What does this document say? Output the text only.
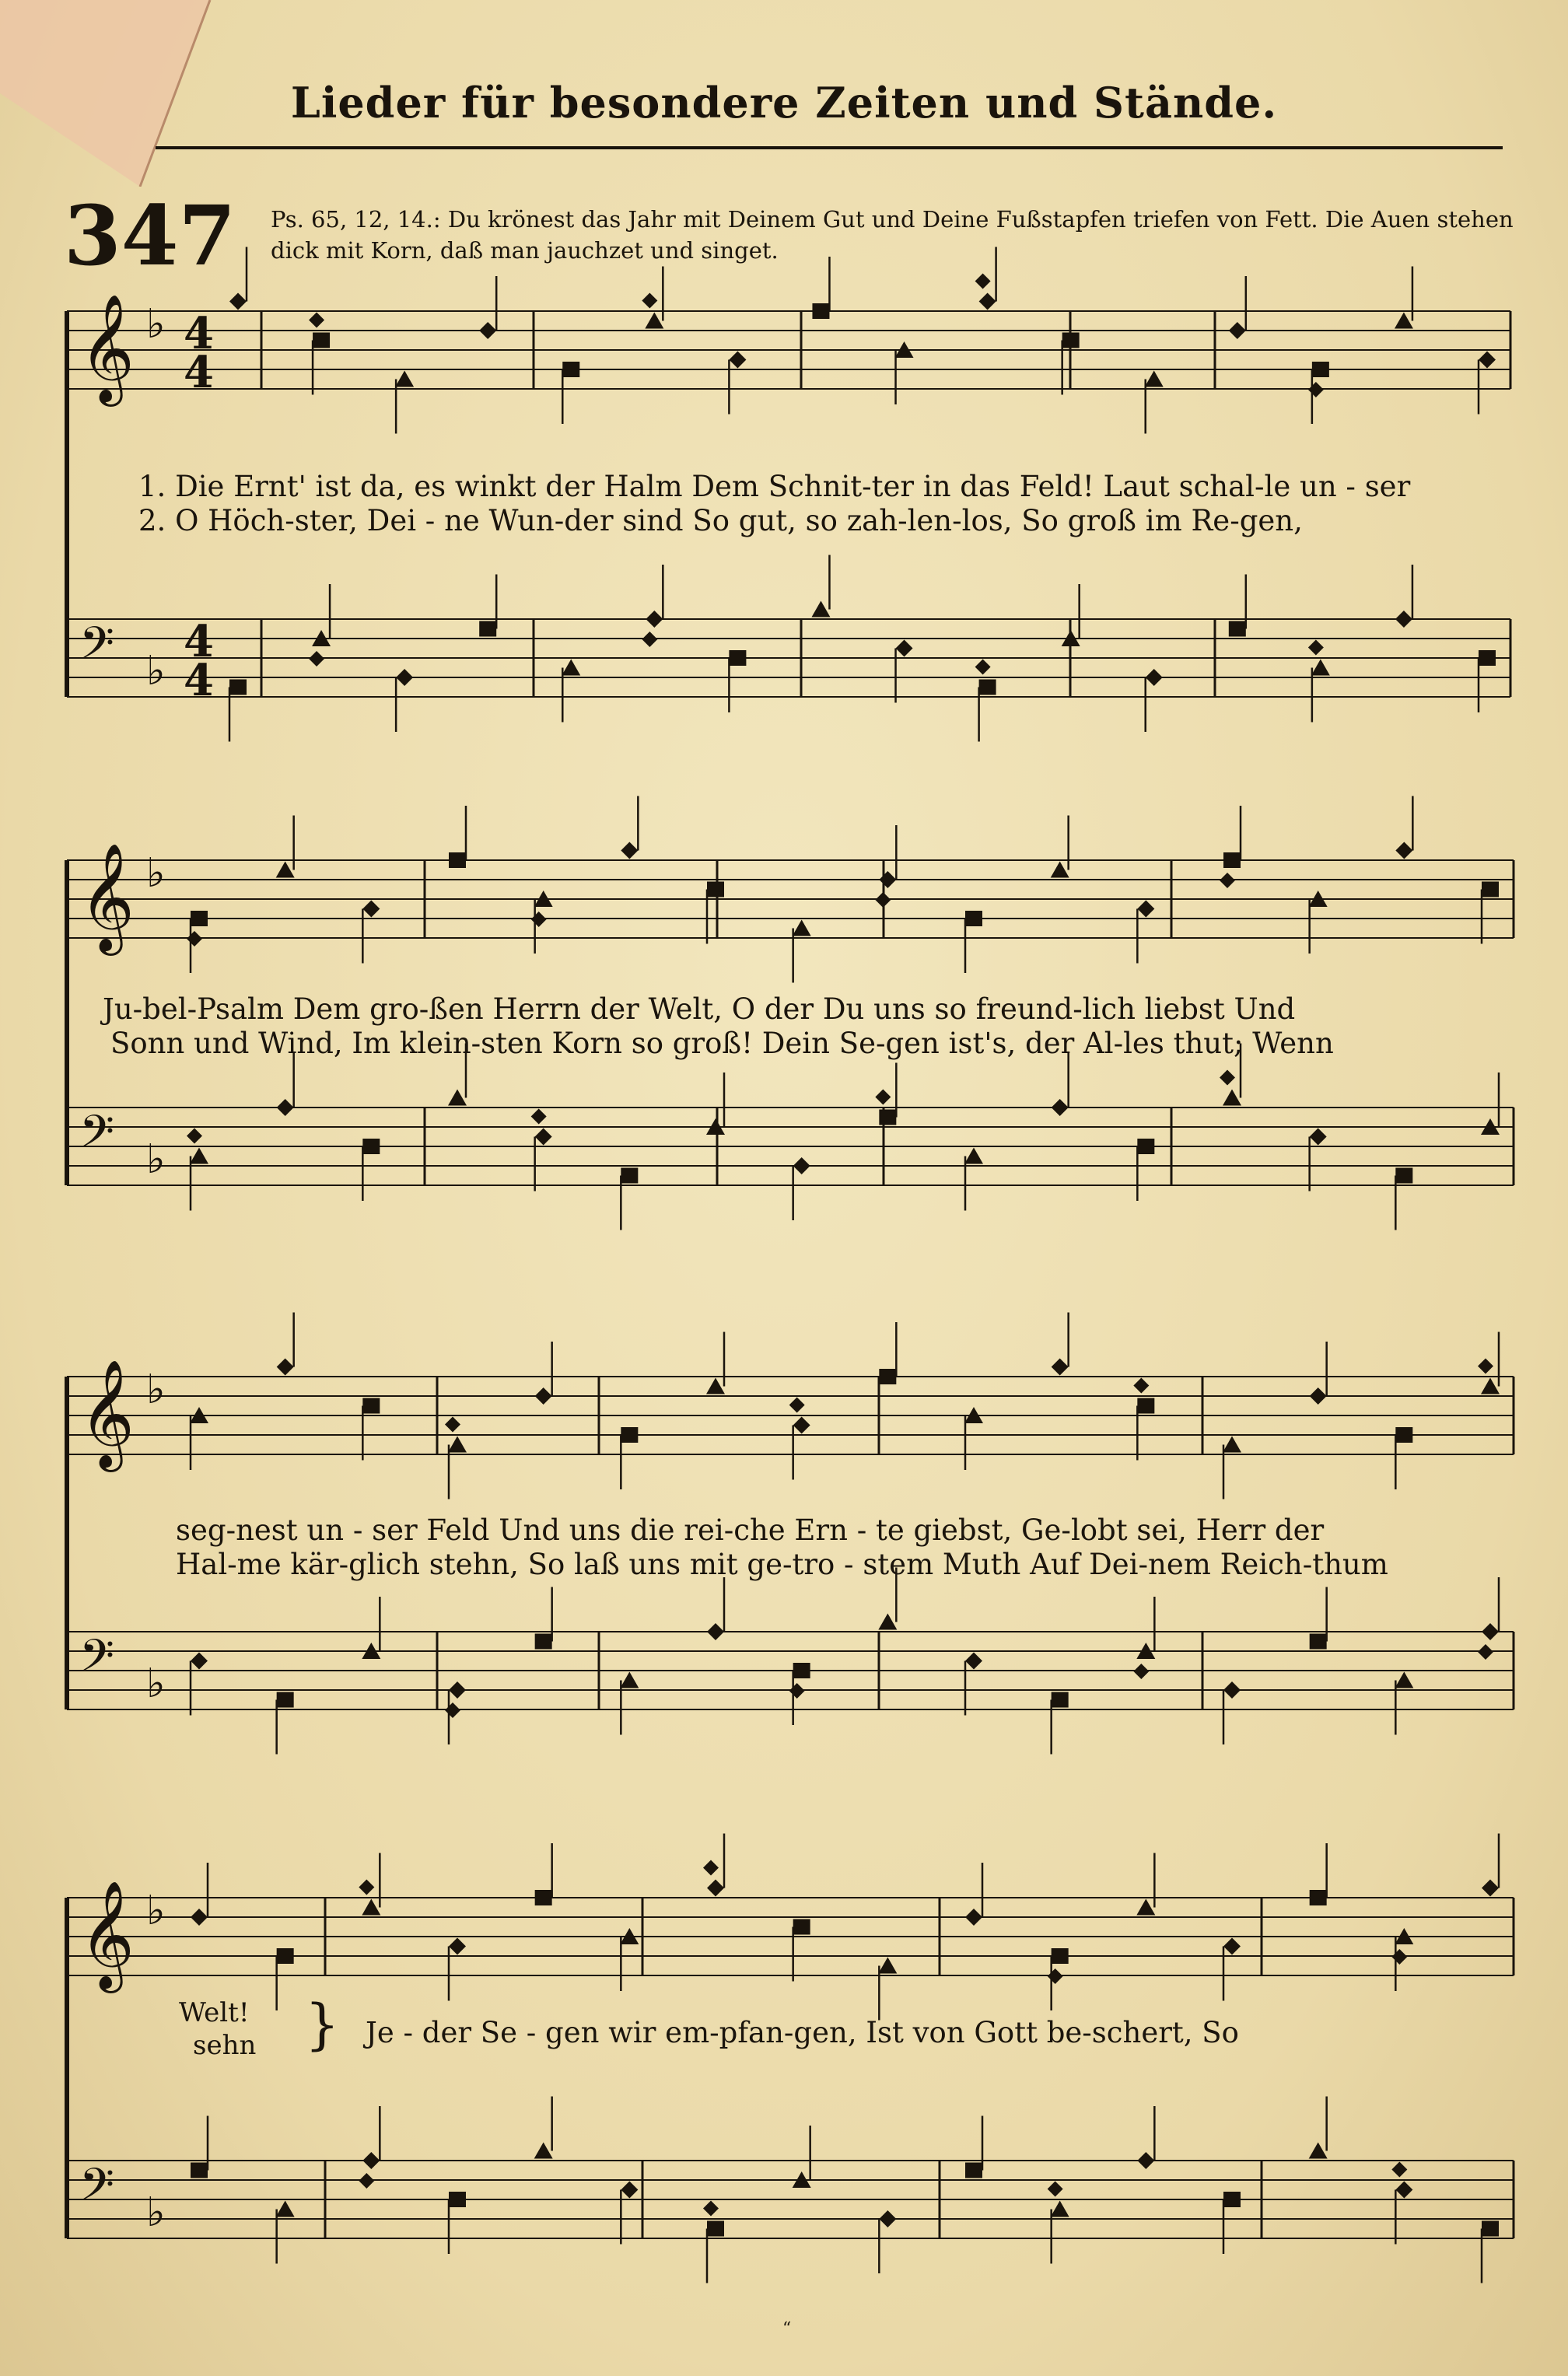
Lieder für besondere Zeiten und Stände.
347 Ps. 65, 12, 14.: Du krönest das Jahr mit Deinem Gut und Deine Fußstapfen triefen von Fett. Die Auen stehen dick mit Korn, daß man jauchzet und singet.
𝄞 ♭ 4
4
𝄢 ♭
4
4
𝄞 ♭
𝄢 ♭
𝄞 ♭
𝄢 ♭
𝄞 ♭
𝄢 ♭
1. Die Ernt' ist da, es winkt der Halm Dem Schnit-ter in das Feld! Laut schal-le un - ser
2. O Höch-ster, Dei - ne Wun-der sind So gut, so zah-len-los, So groß im Re-gen,
Ju-bel-Psalm Dem gro-ßen Herrn der Welt, O der Du uns so freund-lich liebst Und
Sonn und Wind, Im klein-sten Korn so groß! Dein Se-gen ist's, der Al-les thut; Wenn
seg-nest un - ser Feld Und uns die rei-che Ern - te giebst, Ge-lobt sei, Herr der
Hal-me kär-glich stehn, So laß uns mit ge-tro - stem Muth Auf Dei-nem Reich-thum
Welt!
sehn } Je - der Se - gen wir em-pfan-gen, Ist von Gott be-schert, So
“
